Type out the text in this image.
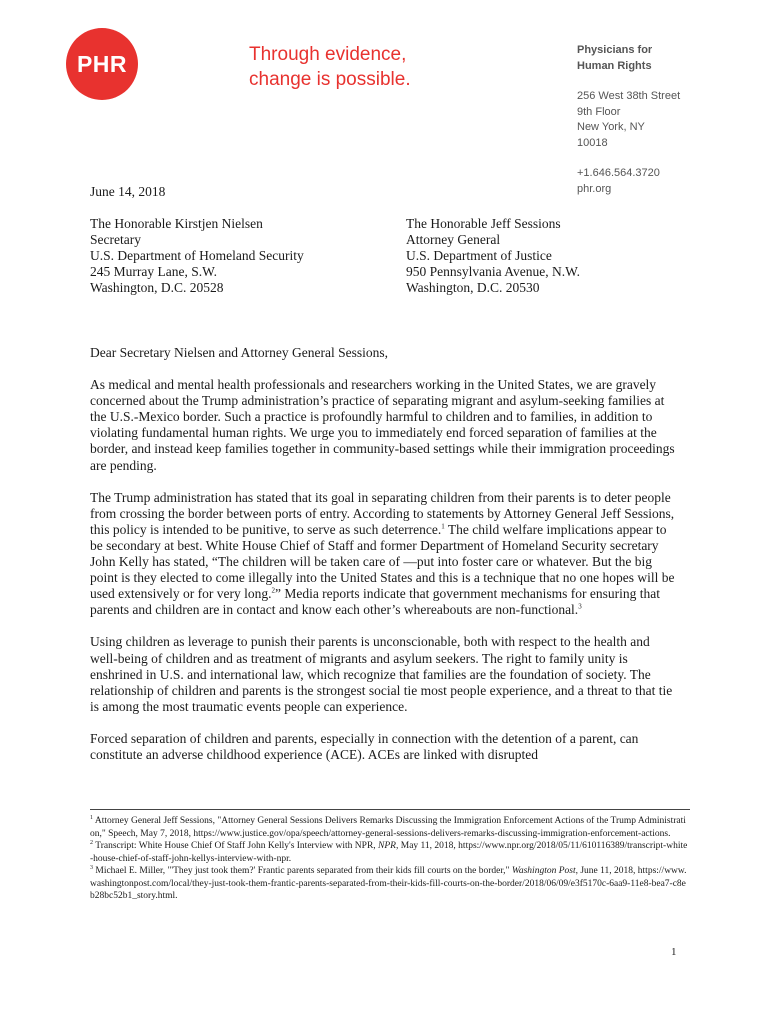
PHR	Through evidence,
change is possible.
Physicians for
Human Rights
256 West 38th Street
9th Floor
New York, NY
10018
+1.646.564.3720
phr.org
June 14, 2018
The Honorable Kirstjen Nielsen
Secretary
U.S. Department of Homeland Security
245 Murray Lane, S.W.
Washington, D.C. 20528
The Honorable Jeff Sessions
Attorney General
U.S. Department of Justice
950 Pennsylvania Avenue, N.W.
Washington, D.C. 20530

Dear Secretary Nielsen and Attorney General Sessions,

As medical and mental health professionals and researchers working in the United States, we are gravely concerned about the Trump administration’s practice of separating migrant and asylum-seeking families at the U.S.-Mexico border. Such a practice is profoundly harmful to children and to families, in addition to violating fundamental human rights. We urge you to immediately end forced separation of families at the border, and instead keep families together in community-based settings while their immigration proceedings are pending.

The Trump administration has stated that its goal in separating children from their parents is to deter people from crossing the border between ports of entry. According to statements by Attorney General Jeff Sessions, this policy is intended to be punitive, to serve as such deterrence.$^1$ The child welfare implications appear to be secondary at best. White House Chief of Staff and former Department of Homeland Security secretary John Kelly has stated, “The children will be taken care of —put into foster care or whatever. But the big point is they elected to come illegally into the United States and this is a technique that no one hopes will be used extensively or for very long.$^2$” Media reports indicate that government mechanisms for ensuring that parents and children are in contact and know each other’s whereabouts are non-functional.$^3$

Using children as leverage to punish their parents is unconscionable, both with respect to the health and well-being of children and as treatment of migrants and asylum seekers. The right to family unity is enshrined in U.S. and international law, which recognize that families are the foundation of society. The relationship of children and parents is the strongest social tie most people experience, and a threat to that tie is among the most traumatic events people can experience.

Forced separation of children and parents, especially in connection with the detention of a parent, can constitute an adverse childhood experience (ACE). ACEs are linked with disrupted

$^1$ Attorney General Jeff Sessions, "Attorney General Sessions Delivers Remarks Discussing the Immigration Enforcement Actions of the Trump Administration," Speech, May 7, 2018, https://www.justice.gov/opa/speech/attorney-general-sessions-delivers-remarks-discussing-immigration-enforcement-actions.

$^2$ Transcript: White House Chief Of Staff John Kelly's Interview with NPR, NPR, May 11, 2018, https://www.npr.org/2018/05/11/610116389/transcript-white-house-chief-of-staff-john-kellys-interview-with-npr.

$^3$ Michael E. Miller, "'They just took them?' Frantic parents separated from their kids fill courts on the border," Washington Post, June 11, 2018, https://www.washingtonpost.com/local/they-just-took-them-frantic-parents-separated-from-their-kids-fill-courts-on-the-border/2018/06/09/e3f5170c-6aa9-11e8-bea7-c8eb28bc52b1_story.html.

1
